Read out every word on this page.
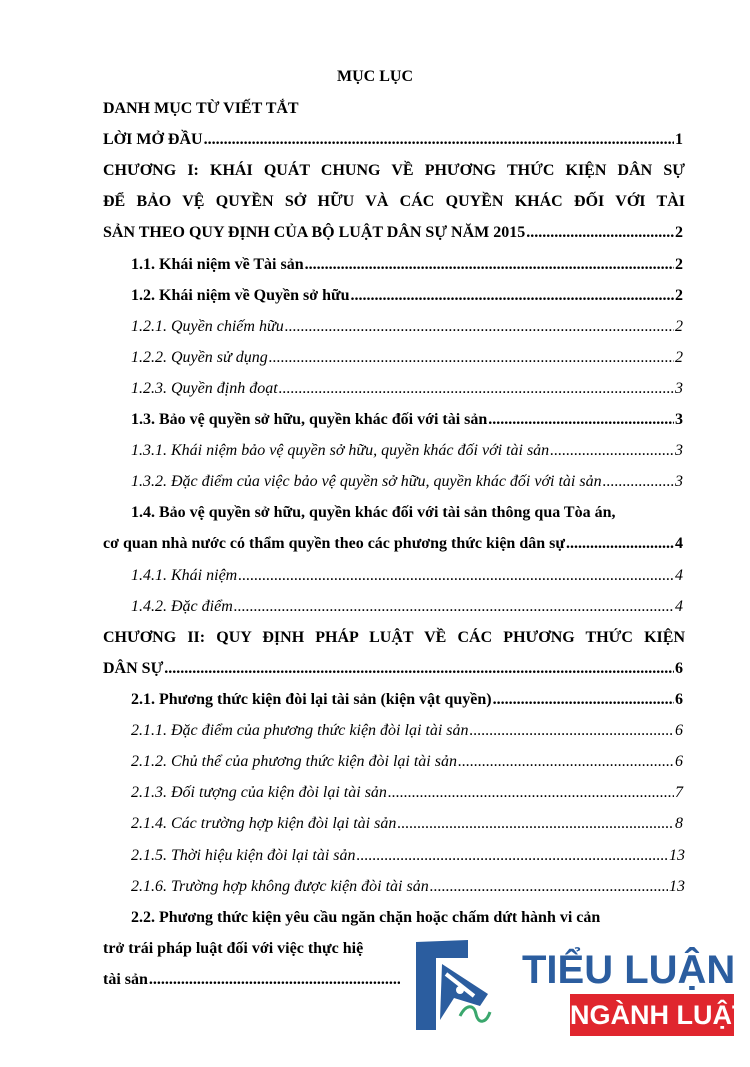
MỤC LỤC
DANH MỤC TỪ VIẾT TẮT
LỜI MỞ ĐẦU .....	1
CHƯƠNG I: KHÁI QUÁT CHUNG VỀ PHƯƠNG THỨC KIỆN DÂN SỰ
ĐỂ BẢO VỆ QUYỀN SỞ HỮU VÀ CÁC QUYỀN KHÁC ĐỐI VỚI TÀI
SẢN THEO QUY ĐỊNH CỦA BỘ LUẬT DÂN SỰ NĂM 2015 .....	2
1.1. Khái niệm về Tài sản .....	2
1.2. Khái niệm về Quyền sở hữu .....	2
1.2.1. Quyền chiếm hữu .....	2
1.2.2. Quyền sử dụng .....	2
1.2.3. Quyền định đoạt .....	3
1.3. Bảo vệ quyền sở hữu, quyền khác đối với tài sản .....	3
1.3.1. Khái niệm bảo vệ quyền sở hữu, quyền khác đối với tài sản .....	3
1.3.2. Đặc điểm của việc bảo vệ quyền sở hữu, quyền khác đối với tài sản .....	3
1.4. Bảo vệ quyền sở hữu, quyền khác đối với tài sản thông qua Tòa án,
cơ quan nhà nước có thẩm quyền theo các phương thức kiện dân sự .....	4
1.4.1. Khái niệm .....	4
1.4.2. Đặc điểm .....	4
CHƯƠNG II: QUY ĐỊNH PHÁP LUẬT VỀ CÁC PHƯƠNG THỨC KIỆN
DÂN SỰ .....	6
2.1. Phương thức kiện đòi lại tài sản (kiện vật quyền) .....	6
2.1.1. Đặc điểm của phương thức kiện đòi lại tài sản .....	6
2.1.2. Chủ thể của phương thức kiện đòi lại tài sản .....	6
2.1.3. Đối tượng của kiện đòi lại tài sản .....	7
2.1.4. Các trường hợp kiện đòi lại tài sản .....	8
2.1.5. Thời hiệu kiện đòi lại tài sản .....	13
2.1.6. Trường hợp không được kiện đòi tài sản .....	13
2.2. Phương thức kiện yêu cầu ngăn chặn hoặc chấm dứt hành vi cản
trở trái pháp luật đối với việc thực hiệ
tài sản .....	TIỂU LUẬN
NGÀNH LUẬT
